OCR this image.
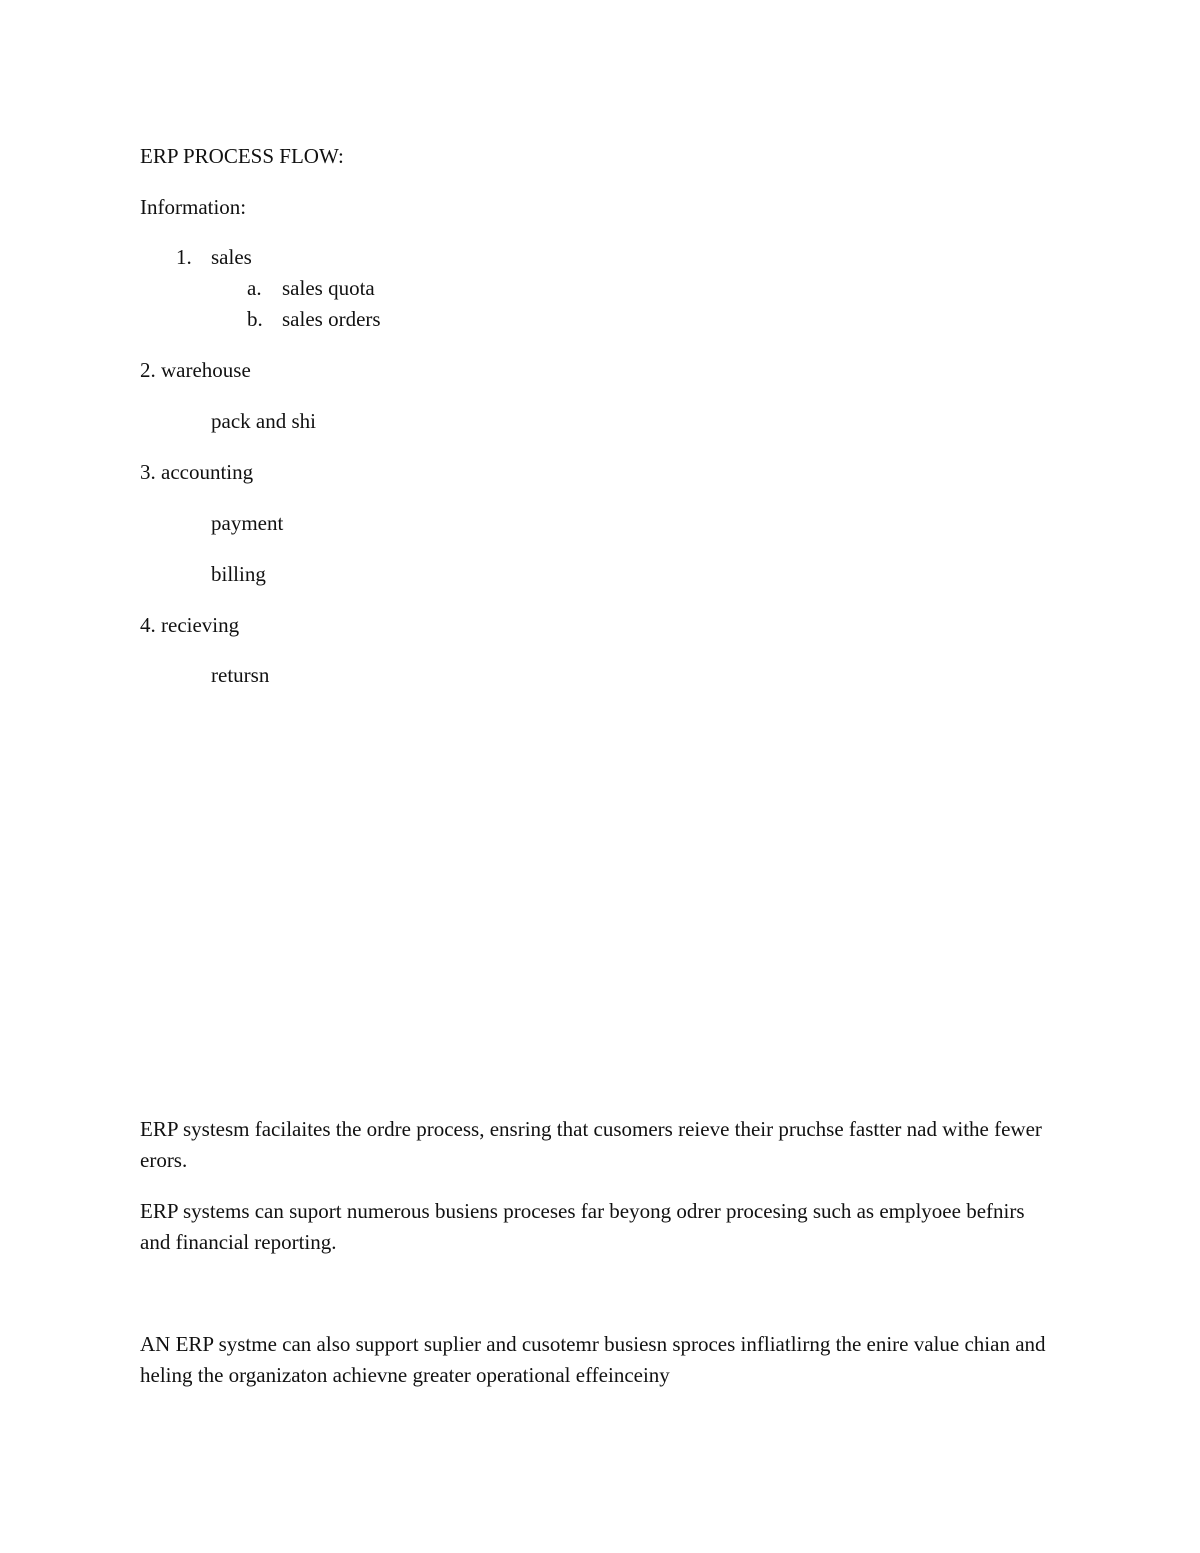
ERP PROCESS FLOW:
Information:
1. sales
a. sales quota
b. sales orders
2. warehouse
pack and shi
3. accounting
payment
billing
4. recieving
retursn

ERP systesm facilaites the ordre process, ensring that cusomers reieve their pruchse fastter nad withe fewer erors.

ERP systems can suport numerous busiens proceses far beyong odrer procesing such as emplyoee befnirs and financial reporting.

AN ERP systme can also support suplier and cusotemr busiesn sproces infliatlirng the enire value chian and heling the organizaton achievne greater operational effeinceiny
